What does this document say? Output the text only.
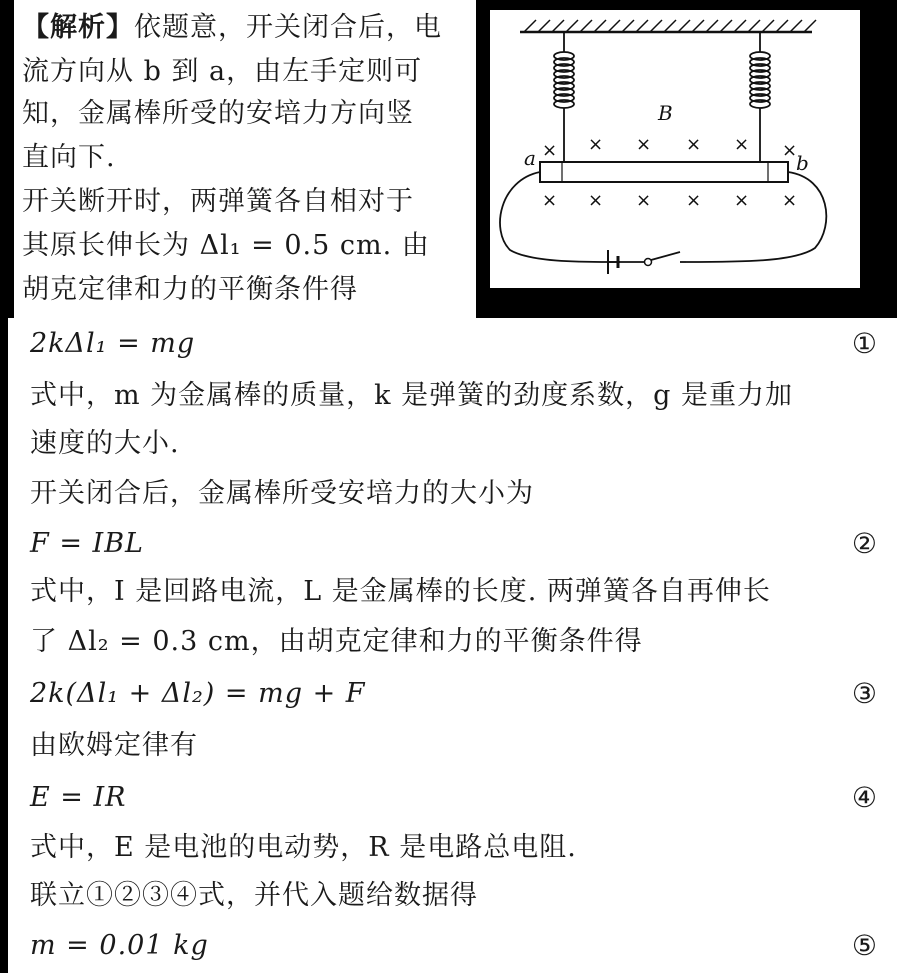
【解析】依题意，开关闭合后，电
流方向从 b 到 a，由左手定则可
知，金属棒所受的安培力方向竖
直向下.
开关断开时，两弹簧各自相对于
其原长伸长为 Δl₁ = 0.5 cm. 由
胡克定律和力的平衡条件得
× × × × × ×
× × × × × ×
B
a	b
2kΔl₁ = mg	①
式中，m 为金属棒的质量，k 是弹簧的劲度系数，g 是重力加
速度的大小.
开关闭合后，金属棒所受安培力的大小为
F = IBL	②
式中，I 是回路电流，L 是金属棒的长度. 两弹簧各自再伸长
了 Δl₂ = 0.3 cm，由胡克定律和力的平衡条件得
2k(Δl₁ + Δl₂) = mg + F	③
由欧姆定律有
E = IR	④
式中，E 是电池的电动势，R 是电路总电阻.
联立①②③④式，并代入题给数据得
m = 0.01 kg	⑤
